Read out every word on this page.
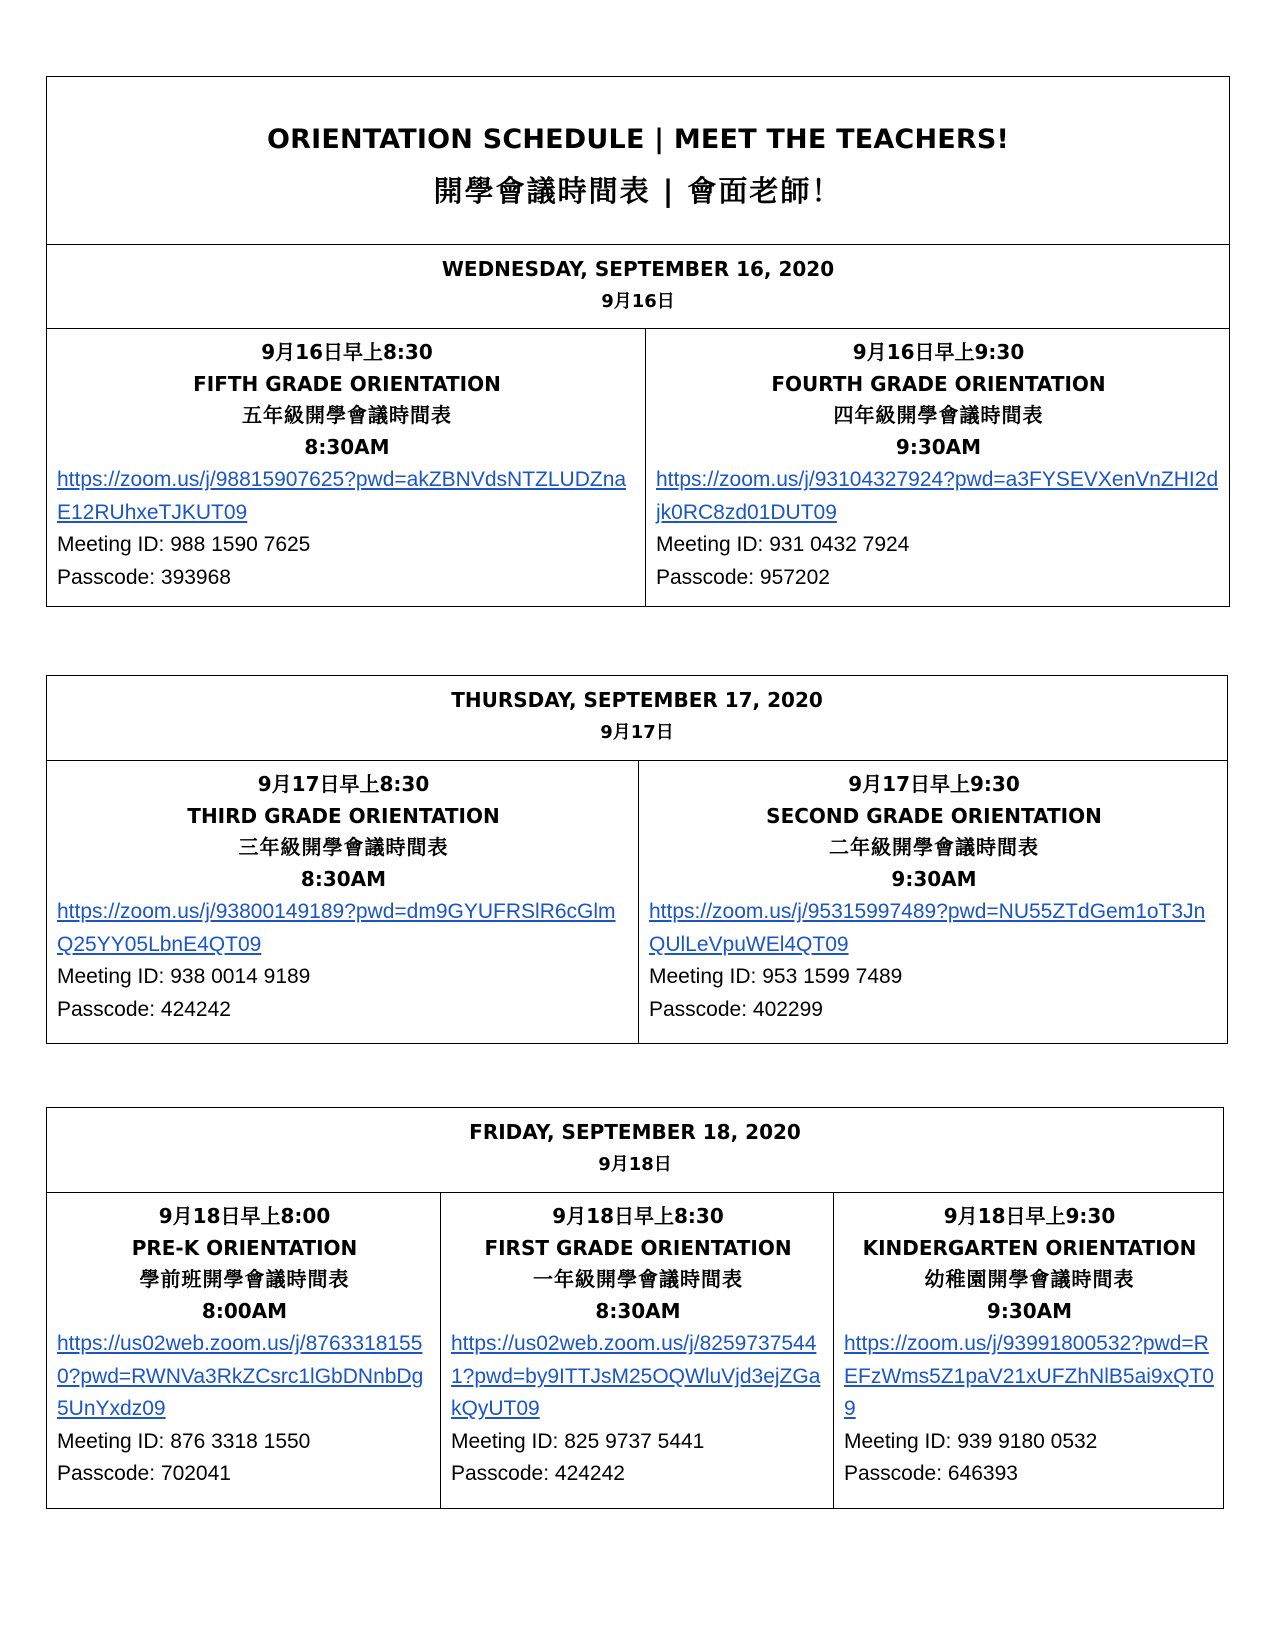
ORIENTATION SCHEDULE | MEET THE TEACHERS!
開學會議時間表 | 會面老師！
WEDNESDAY, SEPTEMBER 16, 2020
9月16日
9月16日早上8:30
FIFTH GRADE ORIENTATION
五年級開學會議時間表
8:30AM
https://zoom.us/j/98815907625?pwd=akZBNVdsNTZLUDZnaE12RUhxeTJKUT09
Meeting ID: 988 1590 7625
Passcode: 393968
9月16日早上9:30
FOURTH GRADE ORIENTATION
四年級開學會議時間表
9:30AM
https://zoom.us/j/93104327924?pwd=a3FYSEVXenVnZHI2djk0RC8zd01DUT09
Meeting ID: 931 0432 7924
Passcode: 957202
THURSDAY, SEPTEMBER 17, 2020
9月17日
9月17日早上8:30
THIRD GRADE ORIENTATION
三年級開學會議時間表
8:30AM
https://zoom.us/j/93800149189?pwd=dm9GYUFRSlR6cGlmQ25YY05LbnE4QT09
Meeting ID: 938 0014 9189
Passcode: 424242
9月17日早上9:30
SECOND GRADE ORIENTATION
二年級開學會議時間表
9:30AM
https://zoom.us/j/95315997489?pwd=NU55ZTdGem1oT3JnQUlLeVpuWEl4QT09
Meeting ID: 953 1599 7489
Passcode: 402299
FRIDAY, SEPTEMBER 18, 2020
9月18日
9月18日早上8:00
PRE-K ORIENTATION
學前班開學會議時間表
8:00AM
https://us02web.zoom.us/j/87633181550?pwd=RWNVa3RkZCsrc1lGbDNnbDg5UnYxdz09
Meeting ID: 876 3318 1550
Passcode: 702041
9月18日早上8:30
FIRST GRADE ORIENTATION
一年級開學會議時間表
8:30AM
https://us02web.zoom.us/j/82597375441?pwd=by9ITTJsM25OQWluVjd3ejZGakQyUT09
Meeting ID: 825 9737 5441
Passcode: 424242
9月18日早上9:30
KINDERGARTEN ORIENTATION
幼稚園開學會議時間表
9:30AM
https://zoom.us/j/93991800532?pwd=REFzWms5Z1paV21xUFZhNlB5ai9xQT09
Meeting ID: 939 9180 0532
Passcode: 646393
